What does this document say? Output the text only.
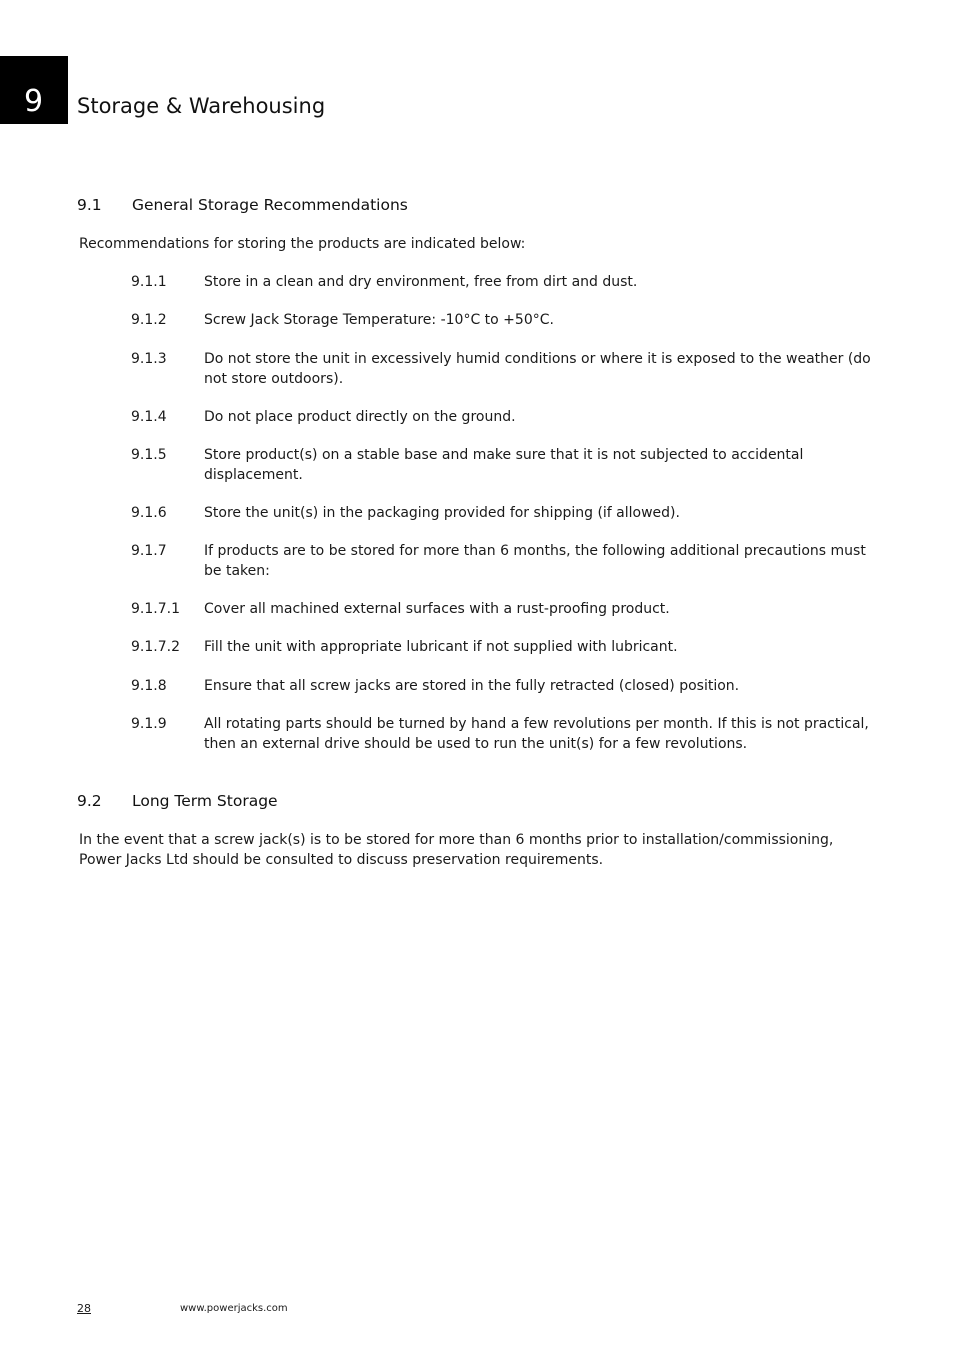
9 Storage & Warehousing
9.1 General Storage Recommendations
Recommendations for storing the products are indicated below:
9.1.1	Store in a clean and dry environment, free from dirt and dust.
9.1.2	Screw Jack Storage Temperature: -10°C to +50°C.
9.1.3	Do not store the unit in excessively humid conditions or where it is exposed to the weather (do not store outdoors).
9.1.4	Do not place product directly on the ground.
9.1.5	Store product(s) on a stable base and make sure that it is not subjected to accidental displacement.
9.1.6	Store the unit(s) in the packaging provided for shipping (if allowed).
9.1.7	If products are to be stored for more than 6 months, the following additional precautions must be taken:
9.1.7.1	Cover all machined external surfaces with a rust-proofing product.
9.1.7.2	Fill the unit with appropriate lubricant if not supplied with lubricant.
9.1.8	Ensure that all screw jacks are stored in the fully retracted (closed) position.
9.1.9	All rotating parts should be turned by hand a few revolutions per month. If this is not practical, then an external drive should be used to run the unit(s) for a few revolutions.
9.2 Long Term Storage
In the event that a screw jack(s) is to be stored for more than 6 months prior to installation/commissioning, Power Jacks Ltd should be consulted to discuss preservation requirements.
28	www.powerjacks.com
